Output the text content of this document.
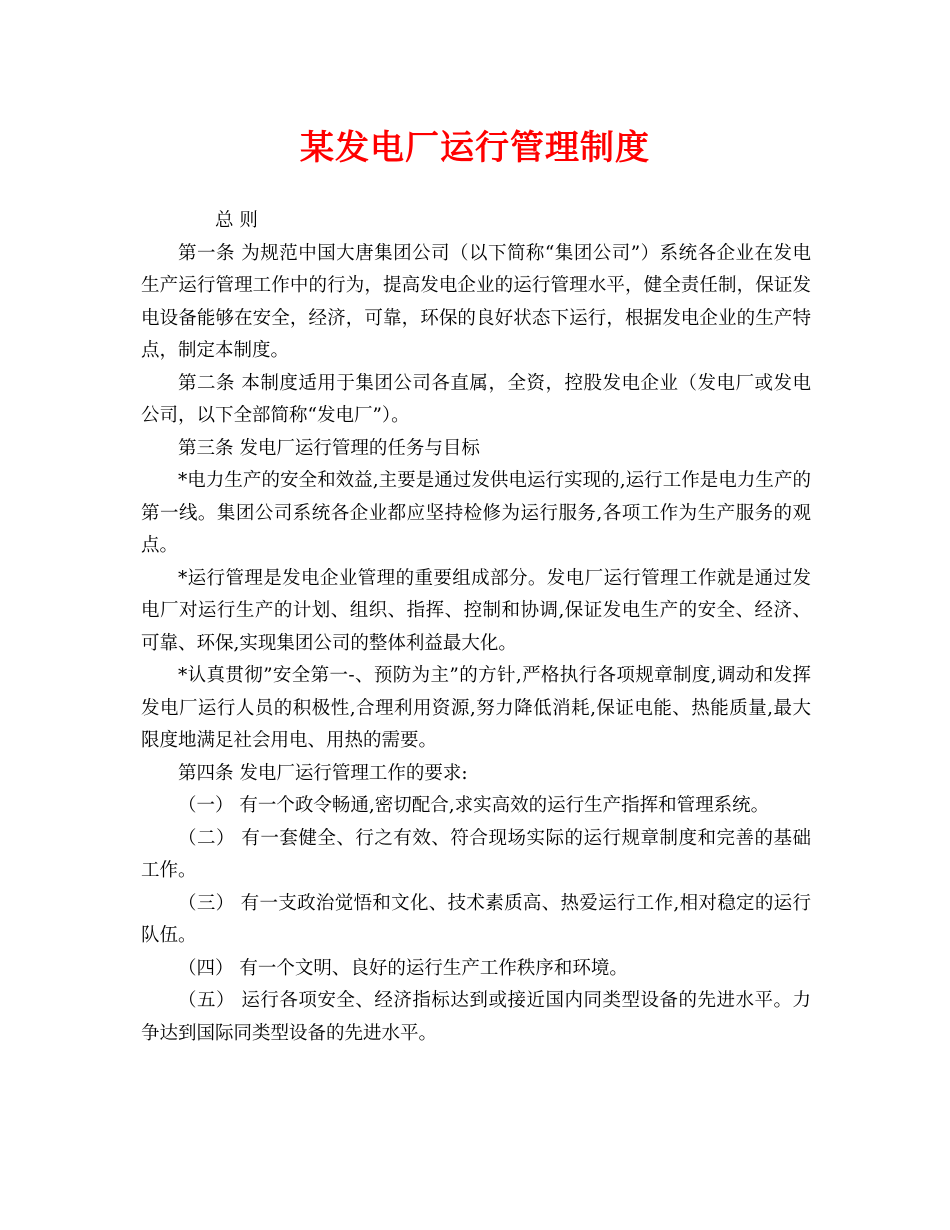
某发电厂运行管理制度

总 则

第一条 为规范中国大唐集团公司（以下简称“集团公司”）系统各企业在发电生产运行管理工作中的行为，提高发电企业的运行管理水平，健全责任制，保证发电设备能够在安全，经济，可靠，环保的良好状态下运行，根据发电企业的生产特点，制定本制度。

第二条 本制度适用于集团公司各直属，全资，控股发电企业（发电厂或发电公司，以下全部简称“发电厂”）。

第三条 发电厂运行管理的任务与目标

*电力生产的安全和效益,主要是通过发供电运行实现的,运行工作是电力生产的第一线。集团公司系统各企业都应坚持检修为运行服务,各项工作为生产服务的观点。

*运行管理是发电企业管理的重要组成部分。发电厂运行管理工作就是通过发电厂对运行生产的计划、组织、指挥、控制和协调,保证发电生产的安全、经济、可靠、环保,实现集团公司的整体利益最大化。

*认真贯彻”安全第一-、预防为主”的方针,严格执行各项规章制度,调动和发挥发电厂运行人员的积极性,合理利用资源,努力降低消耗,保证电能、热能质量,最大限度地满足社会用电、用热的需要。

第四条 发电厂运行管理工作的要求:

（一） 有一个政令畅通,密切配合,求实高效的运行生产指挥和管理系统。

（二） 有一套健全、行之有效、符合现场实际的运行规章制度和完善的基础工作。

（三） 有一支政治觉悟和文化、技术素质高、热爱运行工作,相对稳定的运行队伍。

（四） 有一个文明、良好的运行生产工作秩序和环境。

（五） 运行各项安全、经济指标达到或接近国内同类型设备的先进水平。力争达到国际同类型设备的先进水平。
